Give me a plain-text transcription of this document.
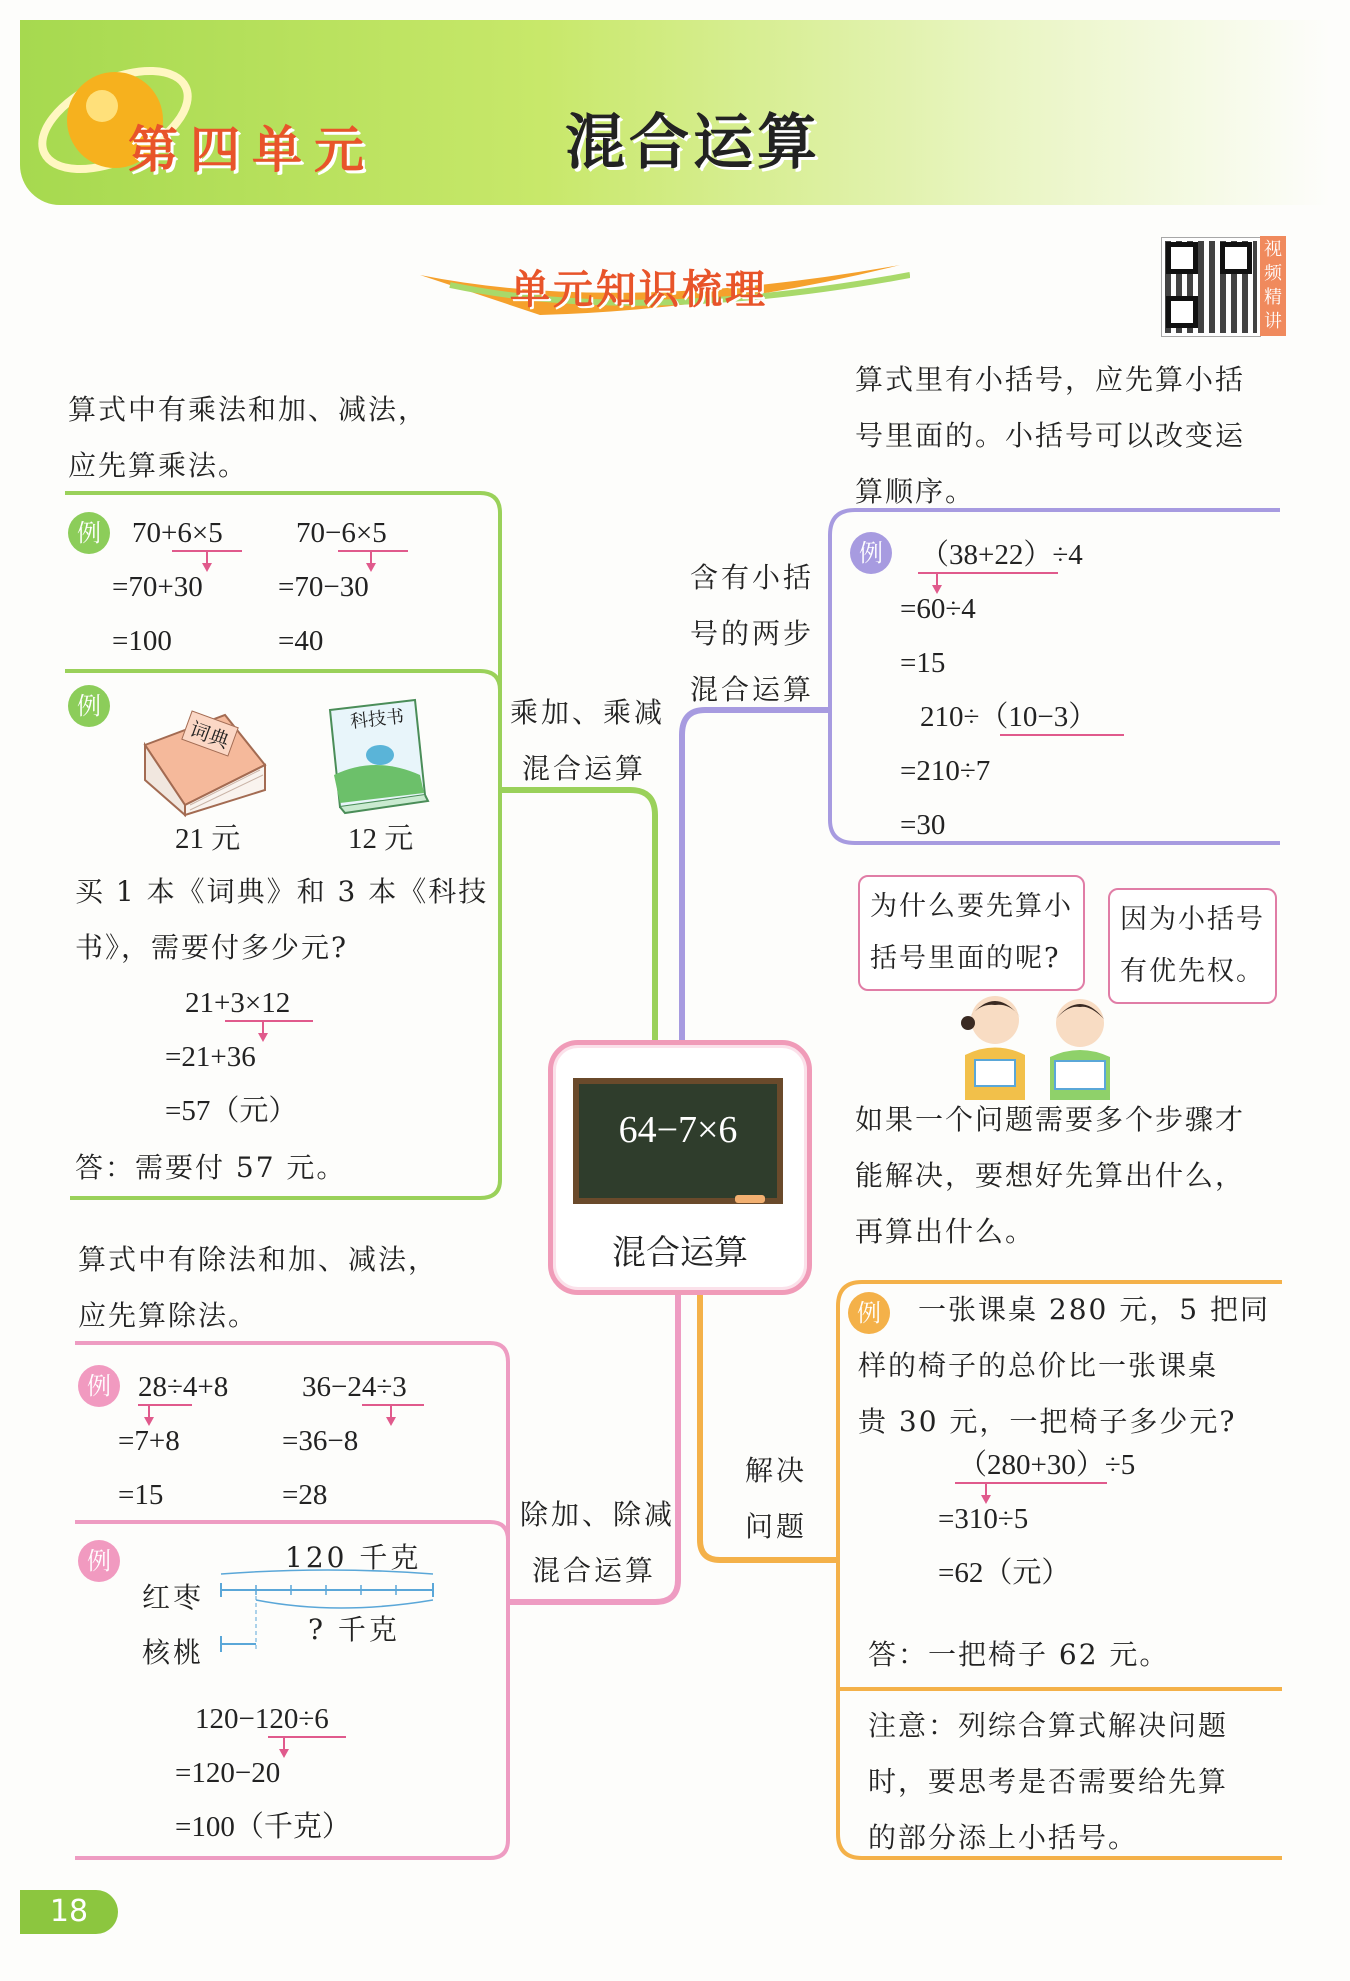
第四单元	混合运算
单元知识梳理
视频精讲
64−7×6
混合运算
乘加、乘减
混合运算
含有小括
号的两步
混合运算
除加、除减
混合运算
解决
问题
算式中有乘法和加、减法，
应先算乘法。
例	70+6×5
=70+30
=100
70−6×5
=70−30
=40
例
词典
21 元
科技书
12 元
买 1 本《词典》和 3 本《科技
书》，需要付多少元?
21+3×12
=21+36
=57（元）
答：需要付 57 元。
算式中有除法和加、减法，
应先算除法。
例 28÷4+8
=7+8
=15
36−24÷3
=36−8
=28
例	120 千克
红枣
核桃
? 千克
120−120÷6
=120−20
=100（千克）
算式里有小括号，应先算小括
号里面的。小括号可以改变运
算顺序。
例	（38+22）÷4
=60÷4
=15
210÷（10−3）
=210÷7
=30
为什么要先算小
括号里面的呢?
因为小括号
有优先权。
如果一个问题需要多个步骤才
能解决，要想好先算出什么，
再算出什么。
例	一张课桌 280 元，5 把同
样的椅子的总价比一张课桌
贵 30 元，一把椅子多少元?
（280+30）÷5
=310÷5
=62（元）
答：一把椅子 62 元。
注意：列综合算式解决问题
时，要思考是否需要给先算
的部分添上小括号。
18
